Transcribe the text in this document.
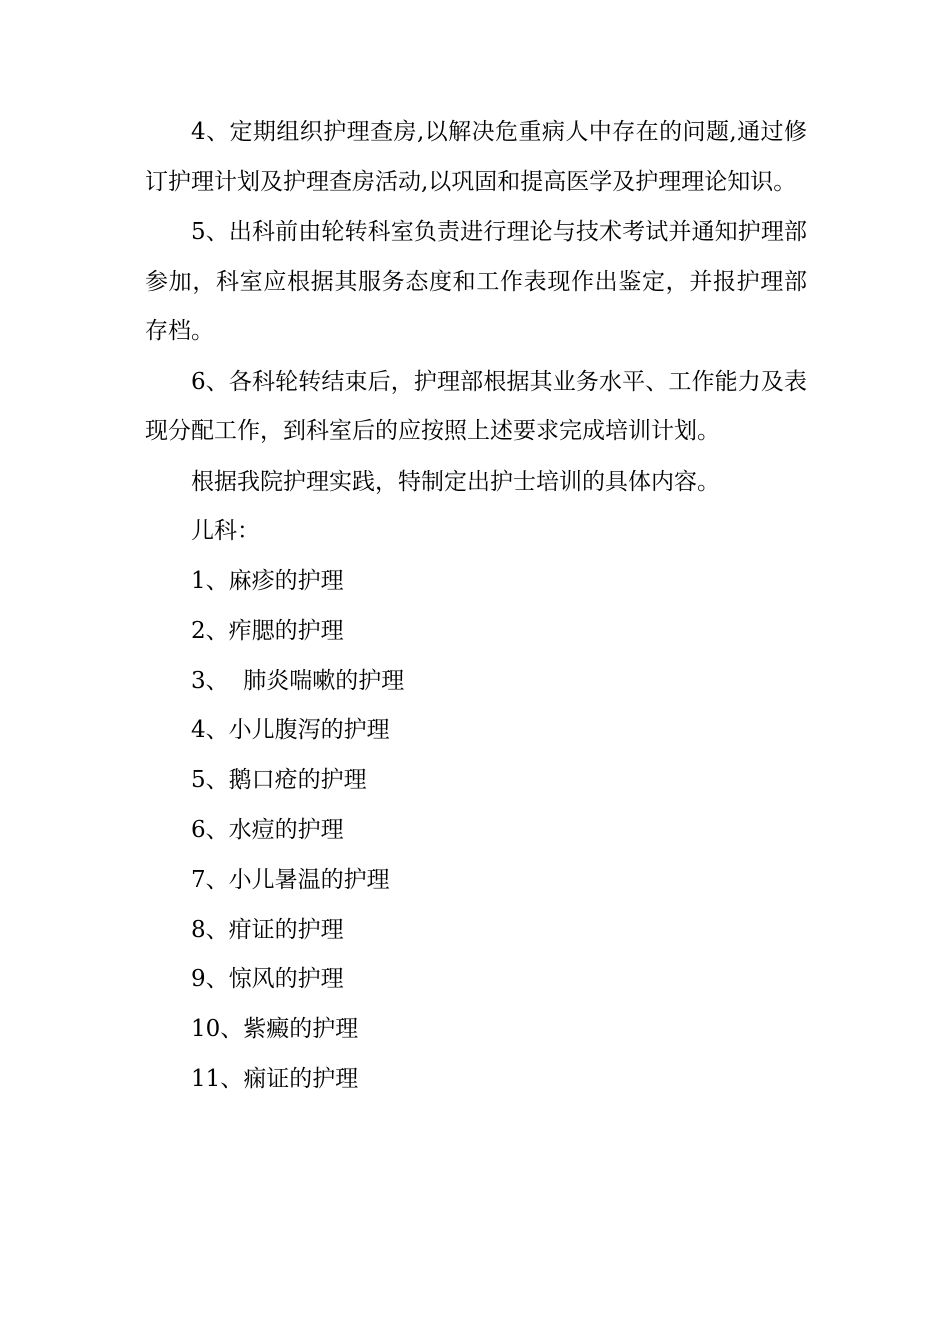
4、定期组织护理查房,以解决危重病人中存在的问题,通过修订护理计划及护理查房活动,以巩固和提高医学及护理理论知识。

5、出科前由轮转科室负责进行理论与技术考试并通知护理部参加，科室应根据其服务态度和工作表现作出鉴定，并报护理部存档。

6、各科轮转结束后，护理部根据其业务水平、工作能力及表现分配工作，到科室后的应按照上述要求完成培训计划。

根据我院护理实践，特制定出护士培训的具体内容。

儿科：

1、麻疹的护理

2、痄腮的护理

3、  肺炎喘嗽的护理

4、小儿腹泻的护理

5、鹅口疮的护理

6、水痘的护理

7、小儿暑温的护理

8、疳证的护理

9、惊风的护理

10、紫癜的护理

11、痫证的护理
